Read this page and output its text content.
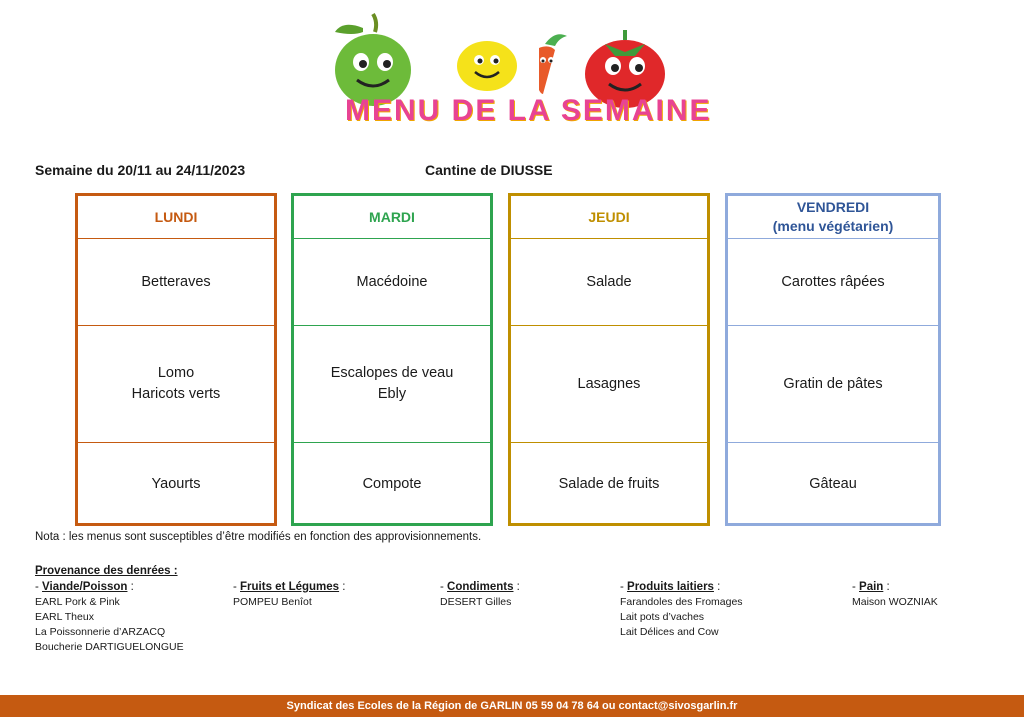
MENU DE LA SEMAINE
Semaine du 20/11 au 24/11/2023	Cantine de DIUSSE
LUNDI
Betteraves
Lomo
Haricots verts
Yaourts
MARDI
Macédoine
Escalopes de veau
Ebly
Compote
JEUDI
Salade
Lasagnes
Salade de fruits
VENDREDI
(menu végétarien)
Carottes râpées
Gratin de pâtes
Gâteau
Nota : les menus sont susceptibles d’être modifiés en fonction des approvisionnements.
Provenance des denrées :
- Viande/Poisson :
EARL Pork & Pink
EARL Theux
La Poissonnerie d’ARZACQ
Boucherie DARTIGUELONGUE
- Fruits et Légumes :
POMPEU Benîot
- Condiments :
DESERT Gilles
- Produits laitiers :
Farandoles des Fromages
Lait pots d’vaches
Lait Délices and Cow
- Pain :
Maison WOZNIAK
Syndicat des Ecoles de la Région de GARLIN 05 59 04 78 64 ou contact@sivosgarlin.fr
